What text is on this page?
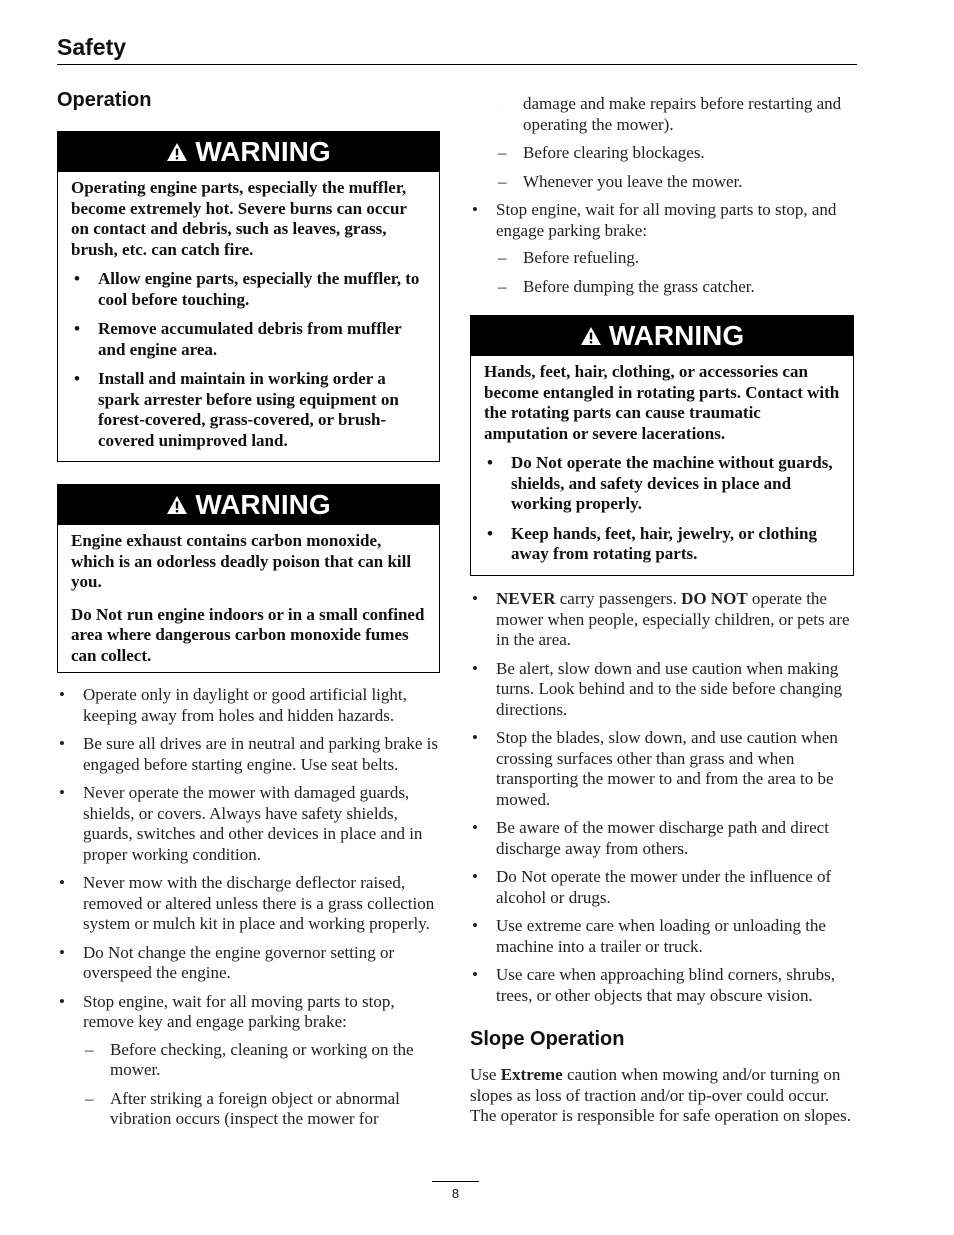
Safety
Operation
WARNING

Operating engine parts, especially the muffler, become extremely hot. Severe burns can occur on contact and debris, such as leaves, grass, brush, etc. can catch fire.

• Allow engine parts, especially the muffler, to cool before touching.
• Remove accumulated debris from muffler and engine area.
• Install and maintain in working order a spark arrester before using equipment on forest-covered, grass-covered, or brush-covered unimproved land.
WARNING

Engine exhaust contains carbon monoxide, which is an odorless deadly poison that can kill you.

Do Not run engine indoors or in a small confined area where dangerous carbon monoxide fumes can collect.

• Operate only in daylight or good artificial light, keeping away from holes and hidden hazards.
• Be sure all drives are in neutral and parking brake is engaged before starting engine. Use seat belts.
• Never operate the mower with damaged guards, shields, or covers. Always have safety shields, guards, switches and other devices in place and in proper working condition.
• Never mow with the discharge deflector raised, removed or altered unless there is a grass collection system or mulch kit in place and working properly.
• Do Not change the engine governor setting or overspeed the engine.
• Stop engine, wait for all moving parts to stop, remove key and engage parking brake:
– Before checking, cleaning or working on the mower.
– After striking a foreign object or abnormal vibration occurs (inspect the mower for
– damage and make repairs before restarting and operating the mower).
– Before clearing blockages.
– Whenever you leave the mower.
• Stop engine, wait for all moving parts to stop, and engage parking brake:
– Before refueling.
– Before dumping the grass catcher.
WARNING

Hands, feet, hair, clothing, or accessories can become entangled in rotating parts. Contact with the rotating parts can cause traumatic amputation or severe lacerations.

• Do Not operate the machine without guards, shields, and safety devices in place and working properly.
• Keep hands, feet, hair, jewelry, or clothing away from rotating parts.
• NEVER carry passengers. DO NOT operate the mower when people, especially children, or pets are in the area.
• Be alert, slow down and use caution when making turns. Look behind and to the side before changing directions.
• Stop the blades, slow down, and use caution when crossing surfaces other than grass and when transporting the mower to and from the area to be mowed.
• Be aware of the mower discharge path and direct discharge away from others.
• Do Not operate the mower under the influence of alcohol or drugs.
• Use extreme care when loading or unloading the machine into a trailer or truck.
• Use care when approaching blind corners, shrubs, trees, or other objects that may obscure vision.
Slope Operation

Use Extreme caution when mowing and/or turning on slopes as loss of traction and/or tip-over could occur. The operator is responsible for safe operation on slopes.

8
